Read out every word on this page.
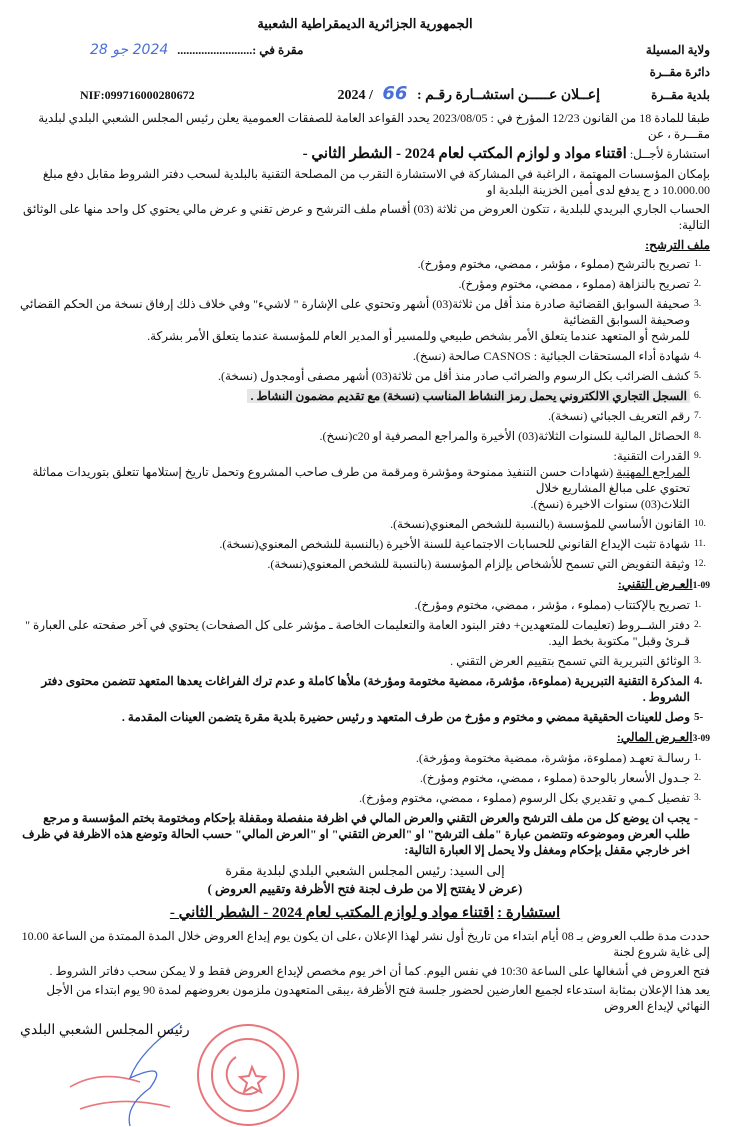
الجمهورية الجزائرية الديمقراطية الشعبية
ولاية المسيلة
مقرة في :......................... 2024 جو 28
دائرة مقــرة
بلدية مقــرة
إعــلان عـــــن استشــارة رقـم : 66 / 2024
NIF:099716000280672
طبقا للمادة 18 من القانون 12/23 المؤرخ في : 2023/08/05 يحدد القواعد العامة للصفقات العمومية يعلن رئيس المجلس الشعبي البلدي لبلدية مقـــرة ، عن
استشارة لأجــل: اقتناء مواد و لوازم المكتب لعام 2024 - الشطر الثاني -
بإمكان المؤسسات المهتمة ، الراغبة في المشاركة في الاستشارة التقرب من المصلحة التقنية بالبلدية لسحب دفتر الشروط مقابل دفع مبلغ 10.000.00 د ج يدفع لدى أمين الخزينة البلدية او
الحساب الجاري البريدي للبلدية ، تتكون العروض من ثلاثة (03) أقسام ملف الترشح و عرض تقني و عرض مالي يحتوي كل واحد منها على الوثائق التالية:
ملف الترشح:
1.
تصريح بالترشح (مملوء ، مؤشر ، ممضي، مختوم ومؤرخ).
2.
تصريح بالنزاهة (مملوء ، ممضي، مختوم ومؤرخ).
3.
صحيفة السوابق القضائية صادرة منذ أقل من ثلاثة(03) أشهر وتحتوي على الإشارة " لاشيء" وفي خلاف ذلك إرفاق نسخة من الحكم القضائي وصحيفة السوابق القضائية
للمرشح أو المتعهد عندما يتعلق الأمر بشخص طبيعي وللمسير أو المدير العام للمؤسسة عندما يتعلق الأمر بشركة.
4.
شهادة أداء المستحقات الجبائية : CASNOS صالحة (نسخ).
5.
كشف الضرائب بكل الرسوم والضرائب صادر منذ أقل من ثلاثة(03) أشهر مصفى أومجدول (نسخة).
6.
السجل التجاري الالكتروني يحمل رمز النشاط المناسب (نسخة) مع تقديم مضمون النشاط .
7.
رقم التعريف الجبائي (نسخة).
8.
الحصائل المالية للسنوات الثلاثة(03) الأخيرة والمراجع المصرفية او c20(نسخ).
9.
القدرات التقنية:
المراجع المهنية (شهادات حسن التنفيذ ممنوحة ومؤشرة ومرقمة من طرف صاحب المشروع وتحمل تاريخ إستلامها تتعلق بتوريدات مماثلة تحتوي على مبالغ المشاريع خلال
الثلاث(03) سنوات الاخيرة (نسخ).
10.
القانون الأساسي للمؤسسة (بالنسبة للشخص المعنوي(نسخة).
11.
شهادة تثبت الإيداع القانوني للحسابات الاجتماعية للسنة الأخيرة (بالنسبة للشخص المعنوي(نسخة).
12.
وثيقة التفويض التي تسمح للأشخاص بإلزام المؤسسة (بالنسبة للشخص المعنوي(نسخة).
1-09العـرض التقني:
1.
تصريح بالإكتتاب (مملوء ، مؤشر ، ممضي، مختوم ومؤرخ).
2.
دفتر الشــروط (تعليمات للمتعهدين+ دفتر البنود العامة والتعليمات الخاصة ـ مؤشر على كل الصفحات) يحتوي في آخر صفحته على العبارة " قـرئ وقبل" مكتوبة بخط اليد.
3.
الوثائق التبريرية التي تسمح بتقييم العرض التقني .
4.
المذكرة التقنية التبريرية (مملوءة، مؤشرة، ممضية مختومة ومؤرخة) ملأها كاملة و عدم ترك الفراغات يعدها المتعهد تتضمن محتوى دفتر الشروط .
5-
وصل للعينات الحقيقية ممضي و مختوم و مؤرخ من طرف المتعهد و رئيس حضيرة بلدية مقرة يتضمن العينات المقدمة .
3-09العـرض المالي:
1.
رسالـة تعهـد (مملوءة، مؤشرة، ممضية مختومة ومؤرخة).
2.
جـدول الأسعار بالوحدة (مملوء ، ممضي، مختوم ومؤرخ).
3.
تفصيل كـمي و تقديري بكل الرسوم (مملوء ، ممضي، مختوم ومؤرخ).
-
يجب ان يوضع كل من ملف الترشح والعرض التقني والعرض المالي في اظرفة منفصلة ومقفلة بإحكام ومختومة بختم المؤسسة و مرجع طلب العرض وموضوعه وتتضمن عبارة "ملف الترشح" او "العرض التقني" او "العرض المالي" حسب الحالة وتوضع هذه الاظرفة في ظرف اخر خارجي مقفل بإحكام ومغفل ولا يحمل إلا العبارة التالية:
إلى السيد: رئيس المجلس الشعبي البلدي لبلدية مقرة
(عرض لا يفتتح إلا من طرف لجنة فتح الأظرفة وتقييم العروض )
استشارة : اقتناء مواد و لوازم المكتب لعام 2024 - الشطر الثاني -
حددت مدة طلب العروض بـ 08 أيام ابتداء من تاريخ أول نشر لهذا الإعلان ،على ان يكون يوم إيداع العروض خلال المدة الممتدة من الساعة 10.00 إلى غاية شروع لجنة
فتح العروض في أشغالها على الساعة 10:30 في نفس اليوم. كما أن اخر يوم مخصص لإيداع العروض فقط و لا يمكن سحب دفاتر الشروط .
يعد هذا الإعلان بمثابة استدعاء لجميع العارضين لحضور جلسة فتح الأظرفة ،يبقى المتعهدون ملزمون بعروضهم لمدة 90 يوم ابتداء من الأجل النهائي لإيداع العروض
رئيس المجلس الشعبي البلدي
